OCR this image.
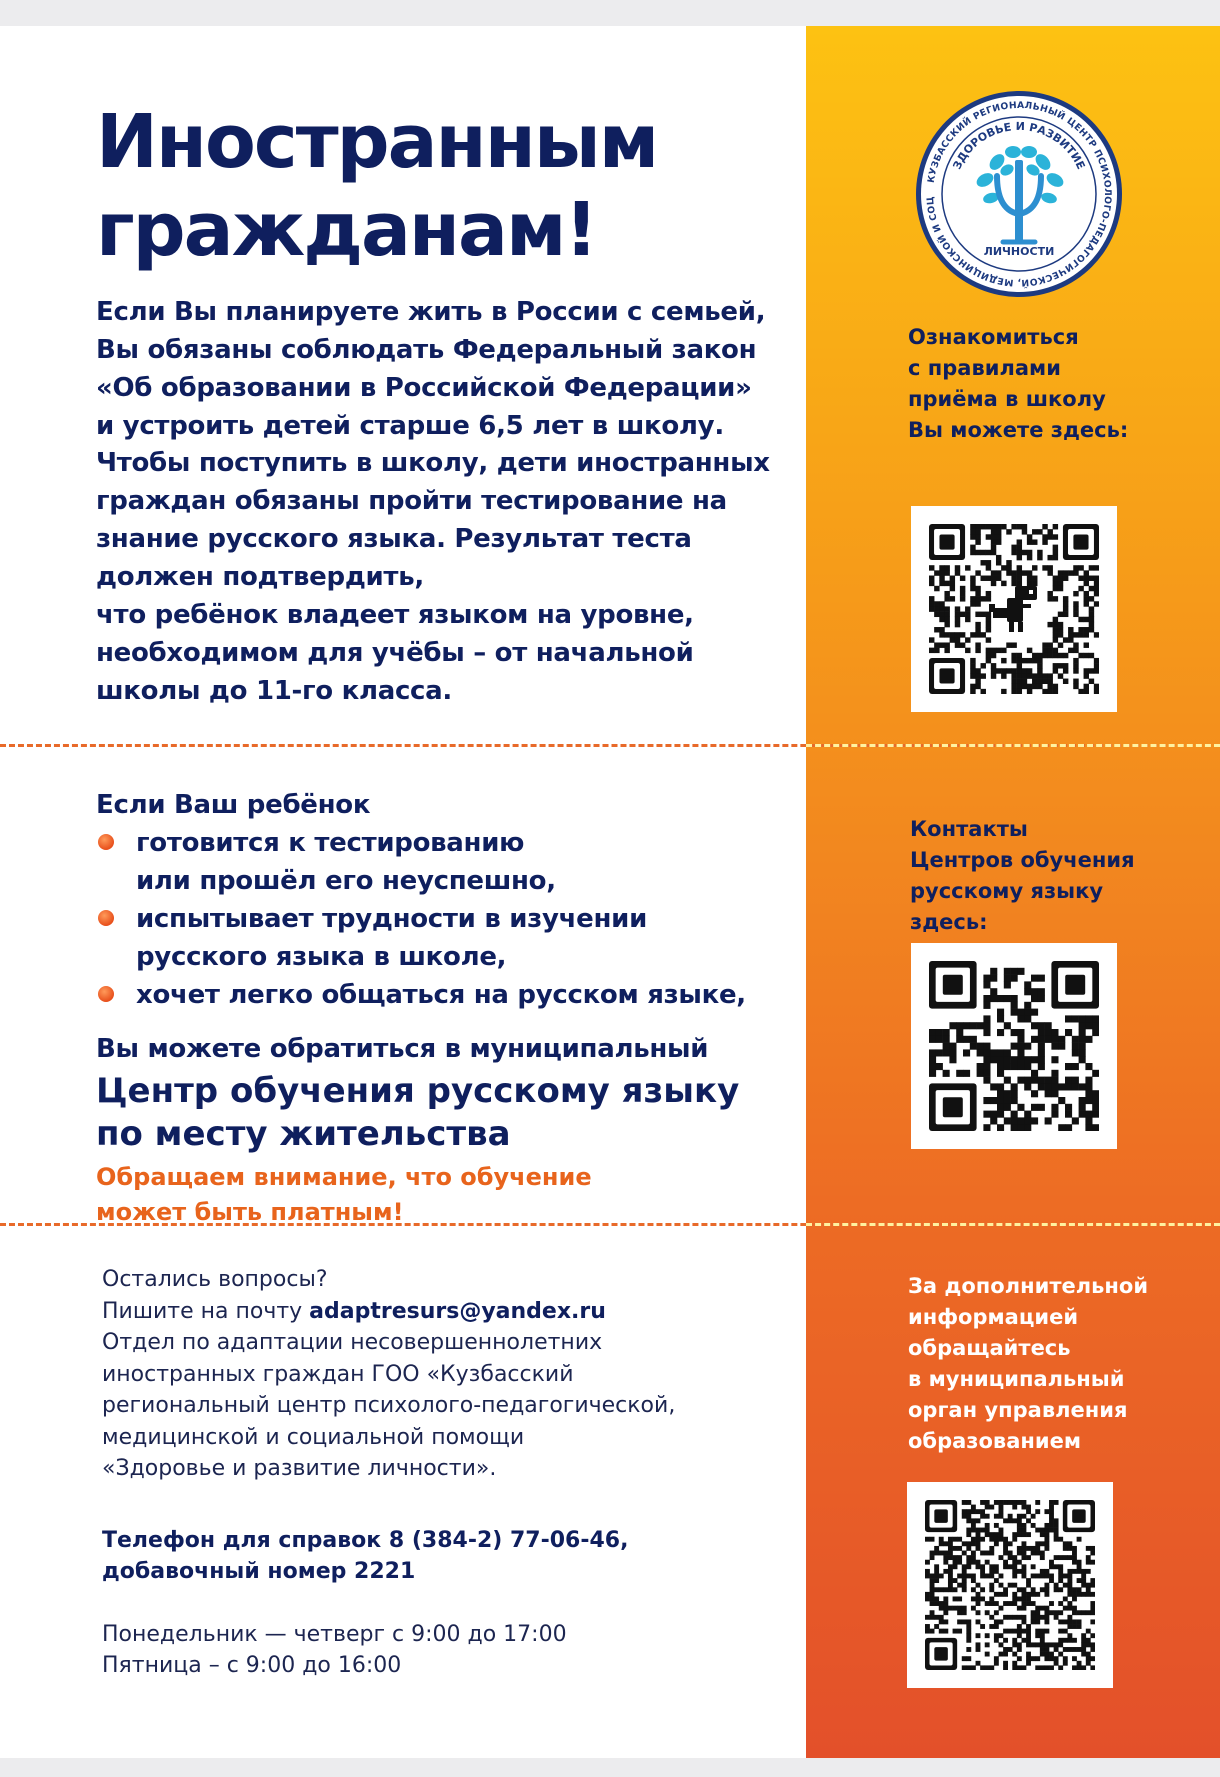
Иностранным
гражданам!
Если Вы планируете жить в России с семьей,
Вы обязаны соблюдать Федеральный закон
«Об образовании в Российской Федерации»
и устроить детей старше 6,5 лет в школу.
Чтобы поступить в школу, дети иностранных
граждан обязаны пройти тестирование на
знание русского языка. Результат теста
должен подтвердить,
что ребёнок владеет языком на уровне,
необходимом для учёбы – от начальной
школы до 11-го класса.
Если Ваш ребёнок
готовится к тестированию
или прошёл его неуспешно,
испытывает трудности в изучении
русского языка в школе,
хочет легко общаться на русском языке,
Вы можете обратиться в муниципальный
Центр обучения русскому языку
по месту жительства
Обращаем внимание, что обучение
может быть платным!
Остались вопросы?
Пишите на почту adaptresurs@yandex.ru
Отдел по адаптации несовершеннолетних
иностранных граждан ГОО «Кузбасский
региональный центр психолого-педагогической,
медицинской и социальной помощи
«Здоровье и развитие личности».
Телефон для справок 8 (384-2) 77-06-46,
добавочный номер 2221
Понедельник — четверг с 9:00 до 17:00
Пятница – с 9:00 до 16:00
КУЗБАССКИЙ РЕГИОНАЛЬНЫЙ ЦЕНТР ПСИХОЛОГО-ПЕДАГОГИЧЕСКОЙ, МЕДИЦИНСКОЙ И СОЦ
ЗДОРОВЬЕ И РАЗВИТИЕ
ЛИЧНОСТИ
Ознакомиться
с правилами
приёма в школу
Вы можете здесь:
Контакты
Центров обучения
русскому языку
здесь:
За дополнительной
информацией
обращайтесь
в муниципальный
орган управления
образованием
